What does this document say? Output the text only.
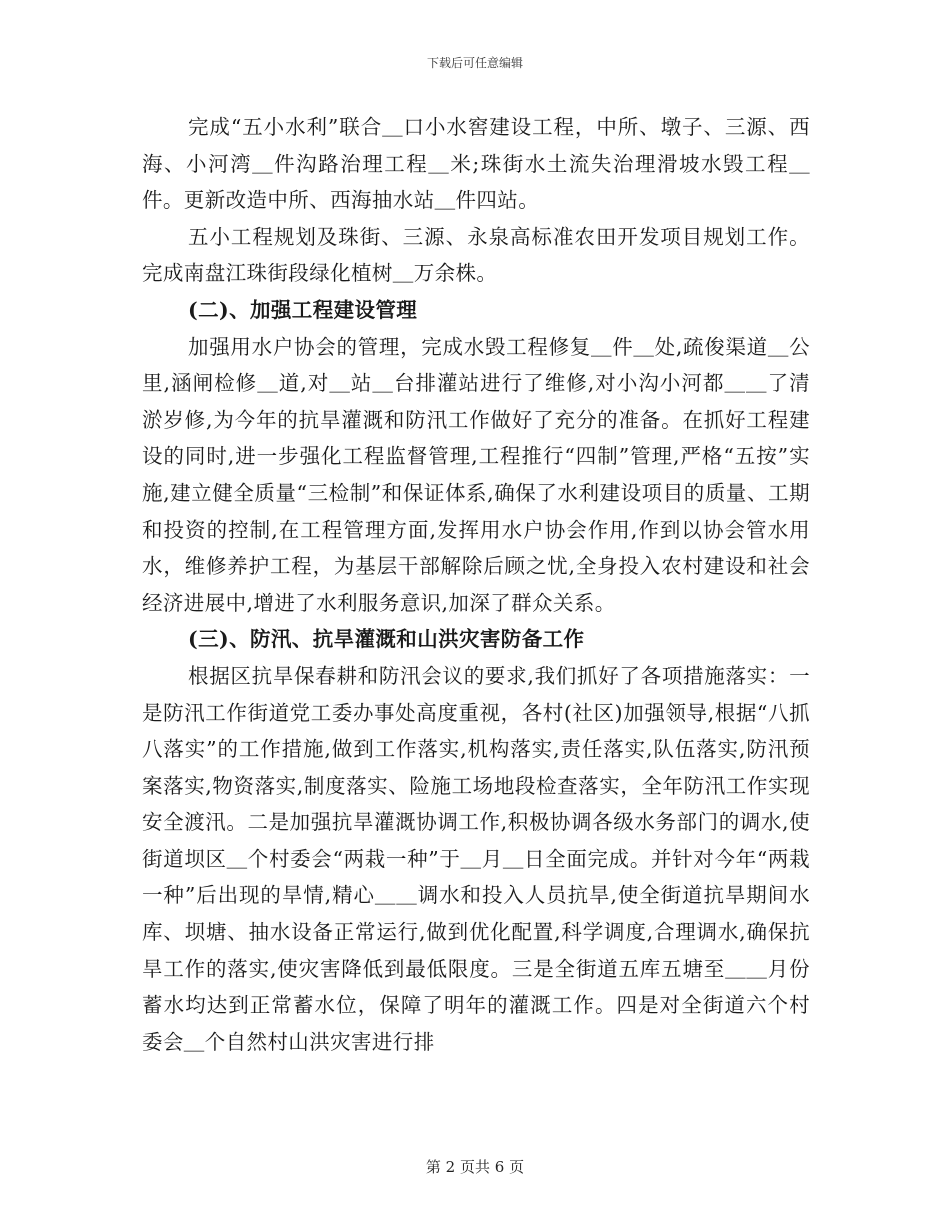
下载后可任意编辑

完成“五小水利”联合＿口小水窖建设工程，中所、墩子、三源、西海、小河湾＿件沟路治理工程＿米;珠街水土流失治理滑坡水毁工程＿件。更新改造中所、西海抽水站＿件四站。

五小工程规划及珠街、三源、永泉高标准农田开发项目规划工作。完成南盘江珠街段绿化植树＿万余株。

(二)、加强工程建设管理

加强用水户协会的管理，完成水毁工程修复＿件＿处,疏俊渠道＿公里,涵闸检修＿道,对＿站＿台排灌站进行了维修,对小沟小河都＿＿了清淤岁修,为今年的抗旱灌溉和防汛工作做好了充分的准备。在抓好工程建设的同时,进一步强化工程监督管理,工程推行“四制”管理,严格“五按”实施,建立健全质量“三检制”和保证体系,确保了水利建设项目的质量、工期和投资的控制,在工程管理方面,发挥用水户协会作用,作到以协会管水用水，维修养护工程，为基层干部解除后顾之忧,全身投入农村建设和社会经济进展中,增进了水利服务意识,加深了群众关系。

(三)、防汛、抗旱灌溉和山洪灾害防备工作

根据区抗旱保春耕和防汛会议的要求,我们抓好了各项措施落实：一是防汛工作街道党工委办事处高度重视，各村(社区)加强领导,根据“八抓八落实”的工作措施,做到工作落实,机构落实,责任落实,队伍落实,防汛预案落实,物资落实,制度落实、险施工场地段检查落实，全年防汛工作实现安全渡汛。二是加强抗旱灌溉协调工作,积极协调各级水务部门的调水,使街道坝区＿个村委会“两栽一种”于＿月＿日全面完成。并针对今年“两栽一种”后出现的旱情,精心＿＿调水和投入人员抗旱,使全街道抗旱期间水库、坝塘、抽水设备正常运行,做到优化配置,科学调度,合理调水,确保抗旱工作的落实,使灾害降低到最低限度。三是全街道五库五塘至＿＿月份蓄水均达到正常蓄水位，保障了明年的灌溉工作。四是对全街道六个村委会＿个自然村山洪灾害进行排

第 2 页共 6 页
